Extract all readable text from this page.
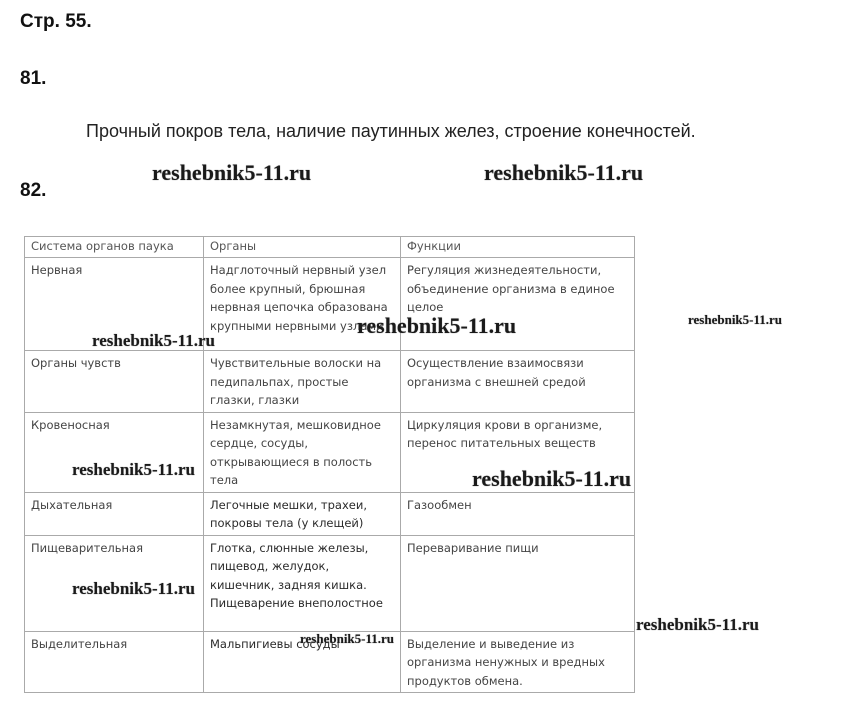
Стр. 55.
81.
Прочный покров тела, наличие паутинных желез, строение конечностей.
82.
Система органов паука	Органы	Функции
Нервная	Надглоточный нервный узел более крупный, брюшная нервная цепочка образована крупными нервными узлами	Регуляция жизнедеятельности, объединение организма в единое целое
Органы чувств	Чувствительные волоски на педипальпах, простые глазки, глазки	Осуществление взаимосвязи организма с внешней средой
Кровеносная	Незамкнутая, мешковидное сердце, сосуды, открывающиеся в полость тела	Циркуляция крови в организме, перенос питательных веществ
Дыхательная	Легочные мешки, трахеи, покровы тела (у клещей)	Газообмен
Пищеварительная	Глотка, слюнные железы, пищевод, желудок, кишечник, задняя кишка. Пищеварение внеполостное	Переваривание пищи
Выделительная	Мальпигиевы сосуды	Выделение и выведение из организма ненужных и вредных продуктов обмена.
reshebnik5-11.ru	reshebnik5-11.ru
reshebnik5-11.ru	reshebnik5-11.ru
reshebnik5-11.ru
reshebnik5-11.ru	reshebnik5-11.ru
reshebnik5-11.ru
reshebnik5-11.ru
reshebnik5-11.ru
